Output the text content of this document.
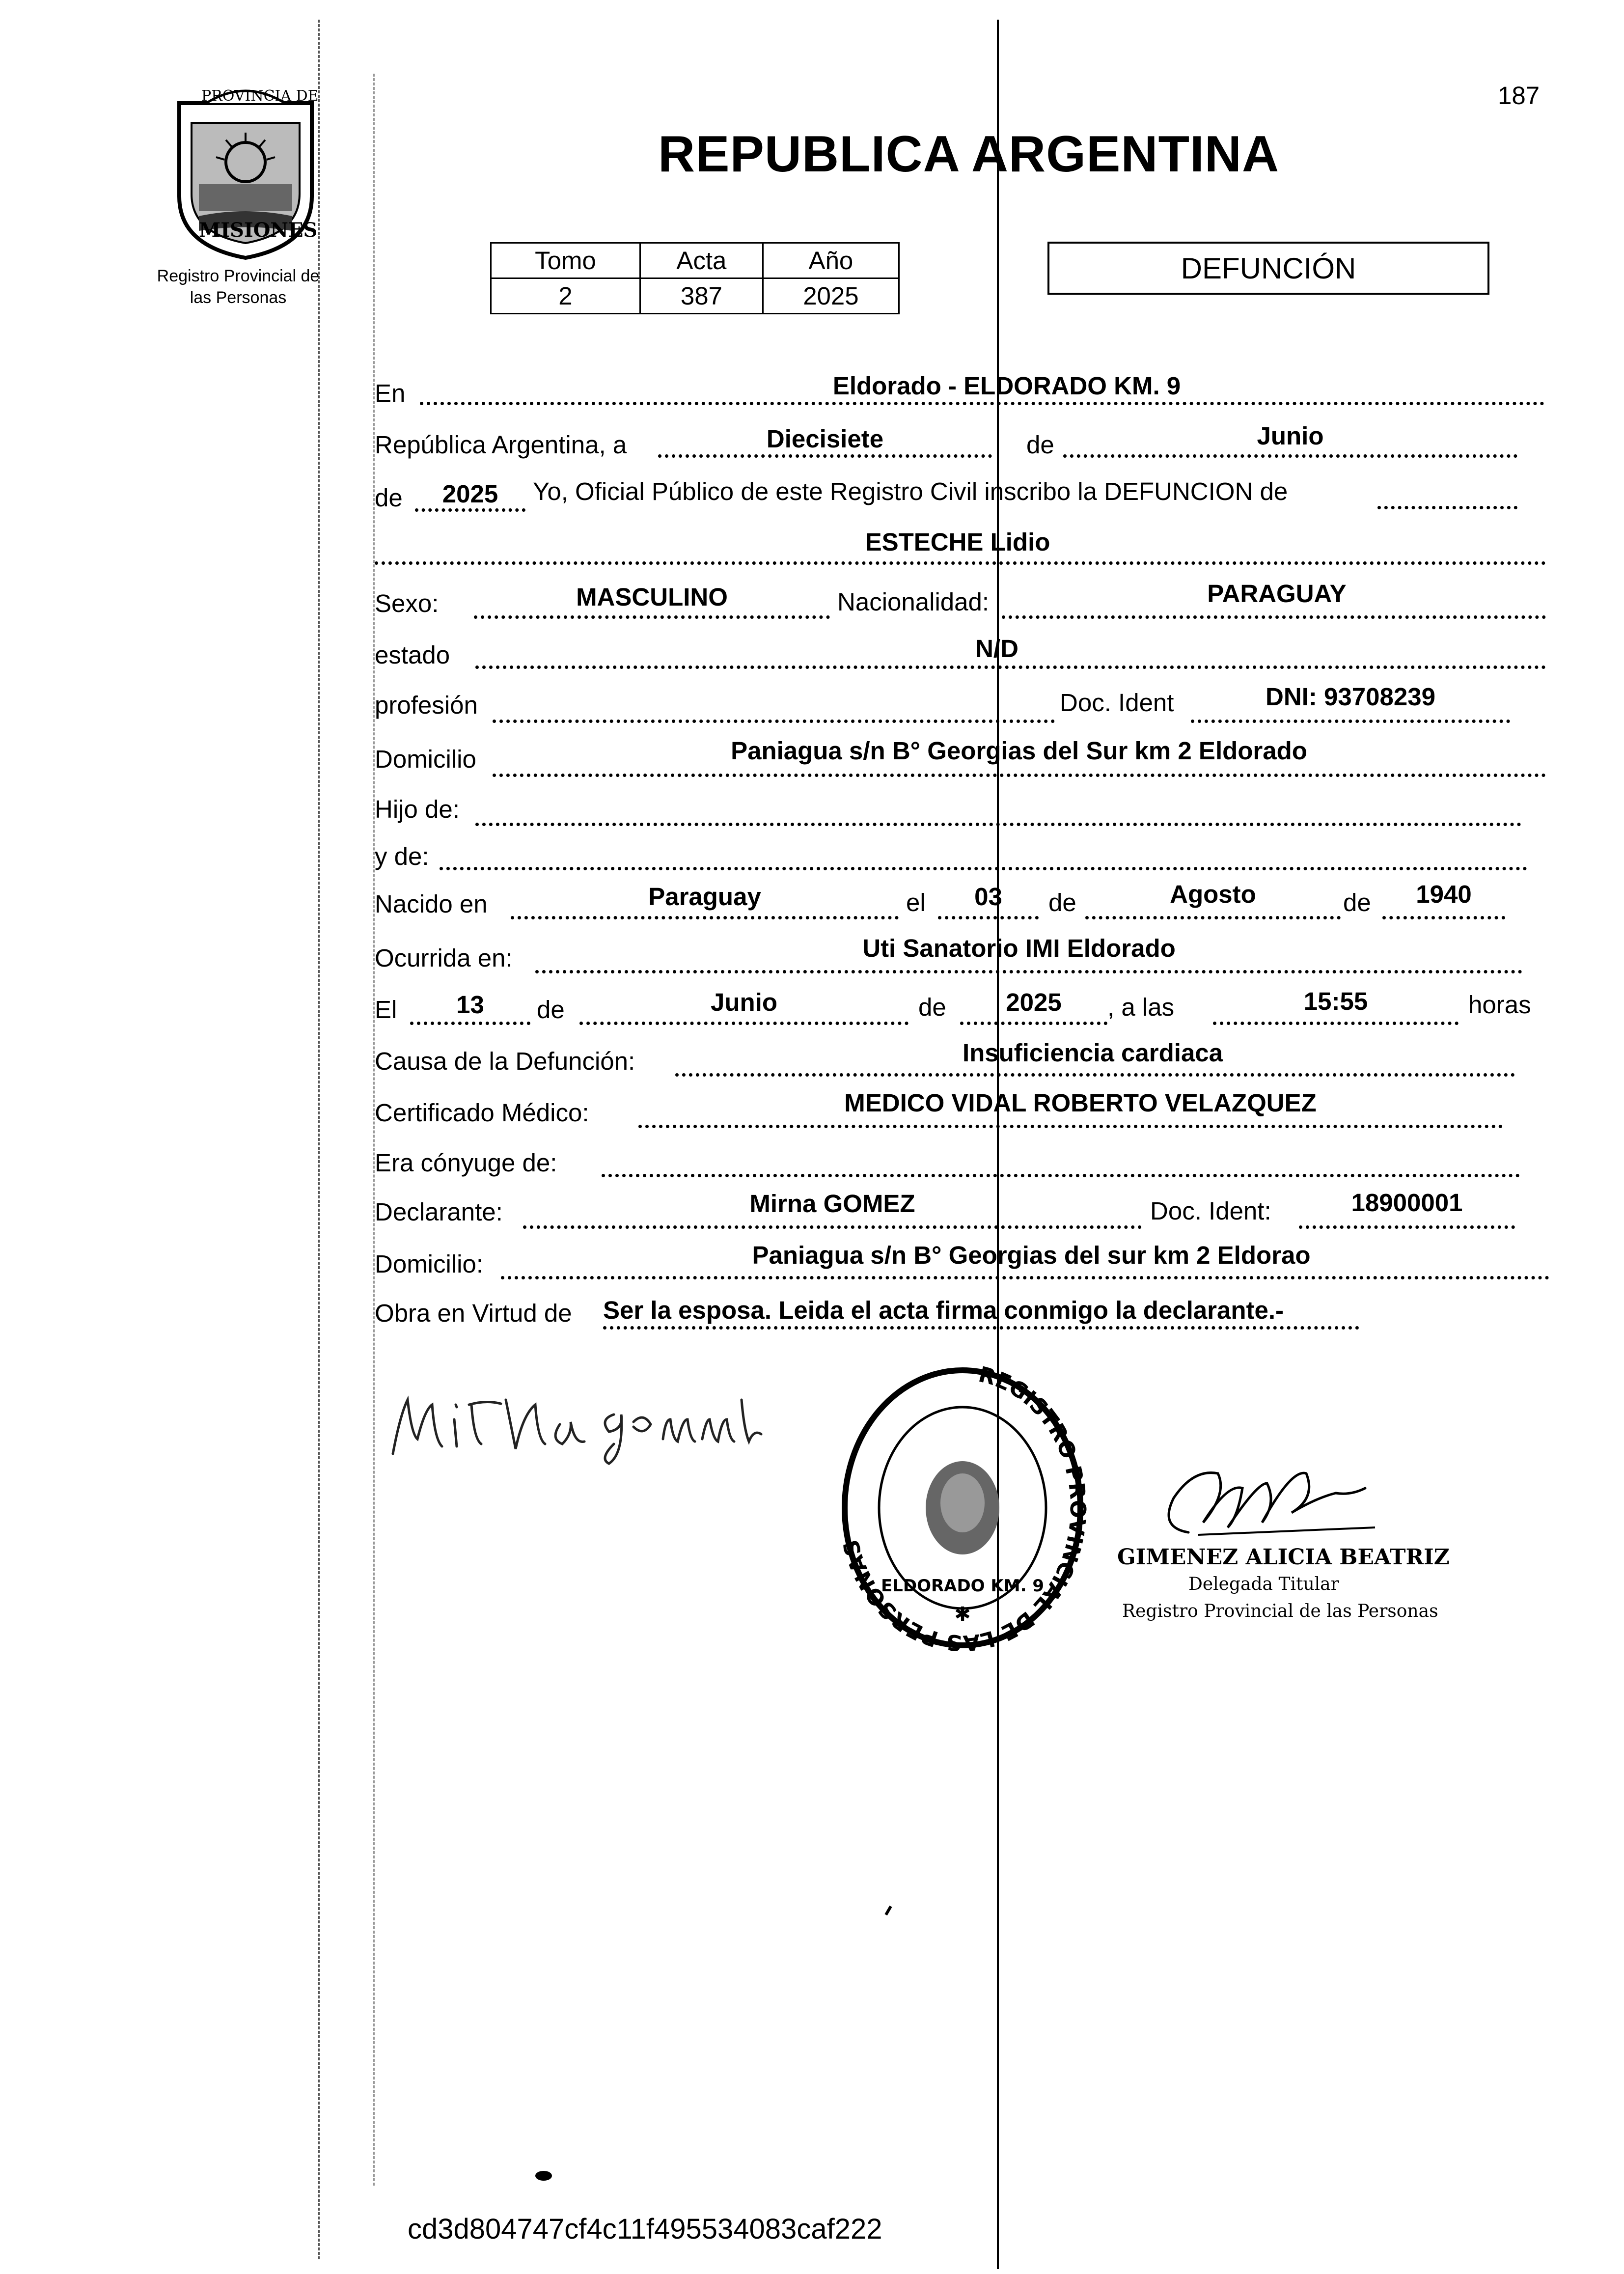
187
PROVINCIA DE
MISIONES
Registro Provincial de
las Personas
REPUBLICA ARGENTINA
Tomo	Acta	Año
2	387	2025
DEFUNCIÓN
En	Eldorado - ELDORADO KM. 9
República Argentina, a	Diecisiete	de	Junio
de	2025	Yo, Oficial Público de este Registro Civil inscribo la DEFUNCION de
ESTECHE Lidio
Sexo:	MASCULINO	Nacionalidad:	PARAGUAY
estado	N/D
profesión	Doc. Ident	DNI: 93708239
Domicilio	Paniagua s/n B° Georgias del Sur km 2 Eldorado
Hijo de:
y de:
Nacido en	Paraguay	el	03	de	Agosto	de	1940
Ocurrida en:	Uti Sanatorio IMI Eldorado
El	13	de	Junio	de	2025	, a las	15:55	horas
Causa de la Defunción:	Insuficiencia cardiaca
Certificado Médico:	MEDICO VIDAL ROBERTO VELAZQUEZ
Era cónyuge de:
Declarante:	Mirna GOMEZ	Doc. Ident:	18900001
Domicilio:	Paniagua s/n B° Georgias del sur km 2 Eldorao
Obra en Virtud de Ser la esposa. Leida el acta firma conmigo la declarante.-
REGISTRO PROVINCIAL DE LAS PERSONAS
ELDORADO KM. 9
✱
GIMENEZ ALICIA BEATRIZ
Delegada Titular
Registro Provincial de las Personas
cd3d804747cf4c11f495534083caf222
